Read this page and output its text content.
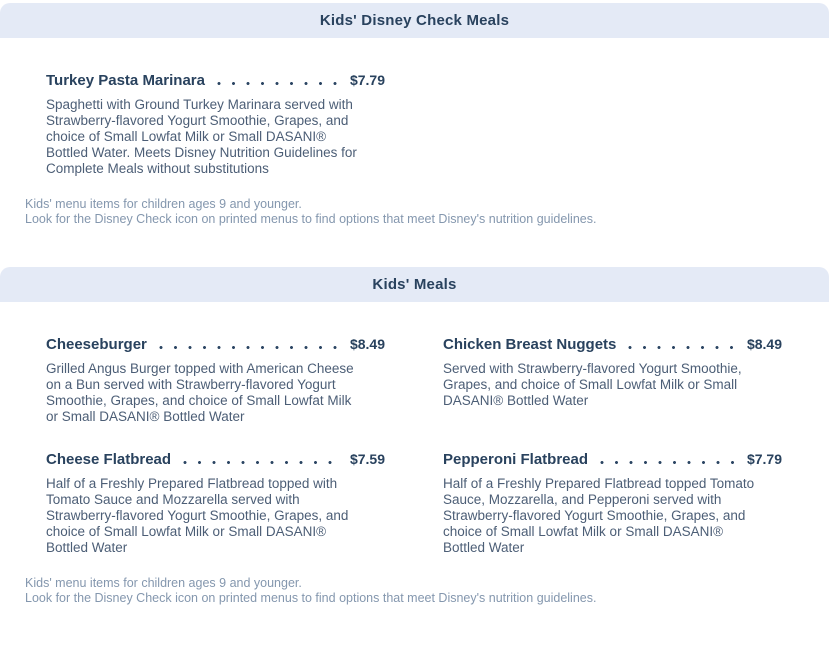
Kids' Disney Check Meals
Turkey Pasta Marinara	$7.79

Spaghetti with Ground Turkey Marinara served with Strawberry-flavored Yogurt Smoothie, Grapes, and choice of Small Lowfat Milk or Small DASANI® Bottled Water. Meets Disney Nutrition Guidelines for Complete Meals without substitutions

Kids' menu items for children ages 9 and younger.
Look for the Disney Check icon on printed menus to find options that meet Disney's nutrition guidelines.
Kids' Meals
Cheeseburger	$8.49

Grilled Angus Burger topped with American Cheese on a Bun served with Strawberry-flavored Yogurt Smoothie, Grapes, and choice of Small Lowfat Milk or Small DASANI® Bottled Water

Chicken Breast Nuggets	$8.49

Served with Strawberry-flavored Yogurt Smoothie, Grapes, and choice of Small Lowfat Milk or Small DASANI® Bottled Water

Cheese Flatbread	$7.59

Half of a Freshly Prepared Flatbread topped with Tomato Sauce and Mozzarella served with Strawberry-flavored Yogurt Smoothie, Grapes, and choice of Small Lowfat Milk or Small DASANI® Bottled Water

Pepperoni Flatbread	$7.79

Half of a Freshly Prepared Flatbread topped Tomato Sauce, Mozzarella, and Pepperoni served with Strawberry-flavored Yogurt Smoothie, Grapes, and choice of Small Lowfat Milk or Small DASANI® Bottled Water

Kids' menu items for children ages 9 and younger.
Look for the Disney Check icon on printed menus to find options that meet Disney's nutrition guidelines.
